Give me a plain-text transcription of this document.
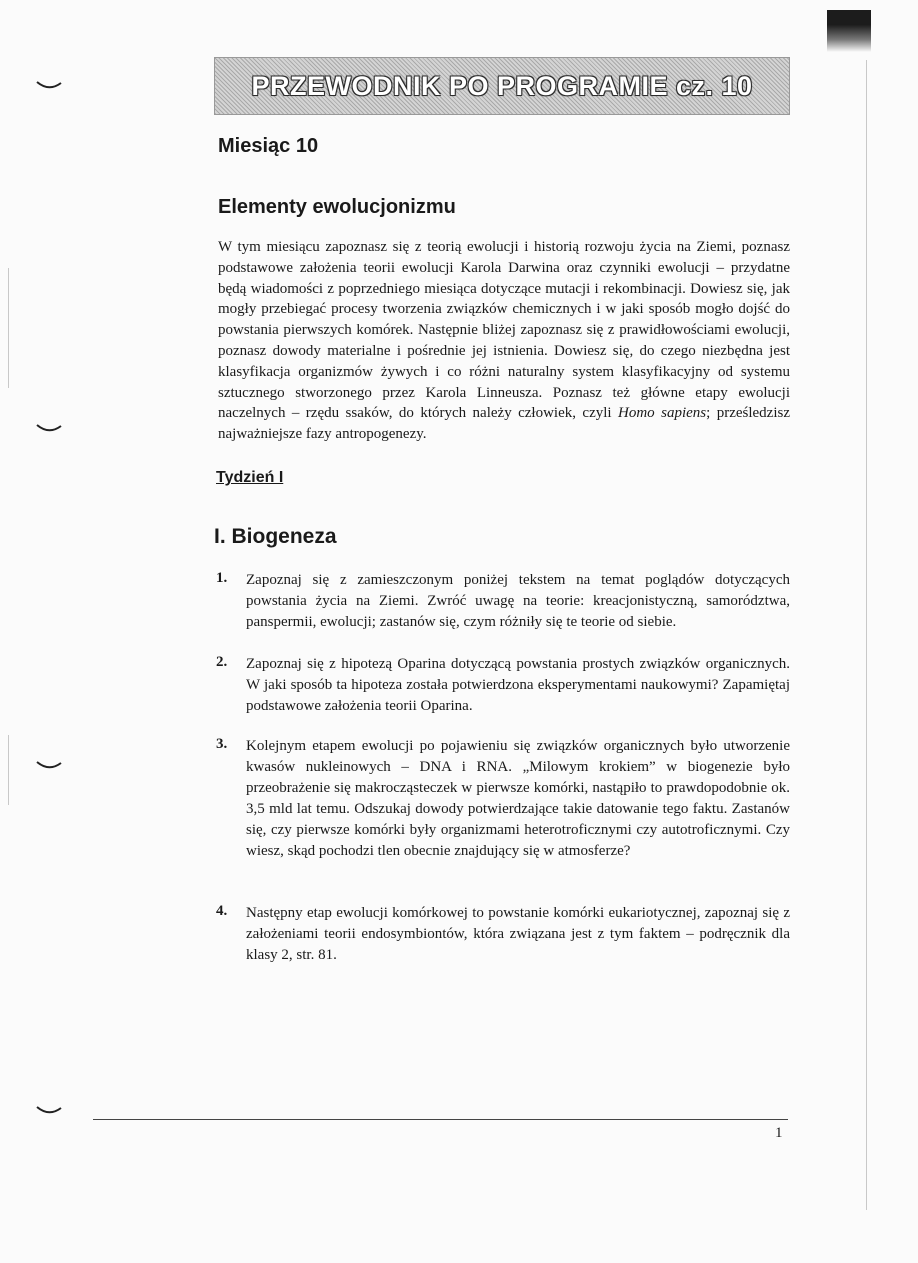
PRZEWODNIK PO PROGRAMIE cz. 10
Miesiąc 10
Elementy ewolucjonizmu

W tym miesiącu zapoznasz się z teorią ewolucji i historią rozwoju życia na Ziemi, poznasz podstawowe założenia teorii ewolucji Karola Darwina oraz czynniki ewolucji – przydatne będą wiadomości z poprzedniego miesiąca dotyczące mutacji i rekombinacji. Dowiesz się, jak mogły przebiegać procesy tworzenia związków chemicznych i w jaki sposób mogło dojść do powstania pierwszych komórek. Następnie bliżej zapoznasz się z prawidłowościami ewolucji, poznasz dowody materialne i pośrednie jej istnienia. Dowiesz się, do czego niezbędna jest klasyfikacja organizmów żywych i co różni naturalny system klasyfikacyjny od systemu sztucznego stworzonego przez Karola Linneusza. Poznasz też główne etapy ewolucji naczelnych – rzędu ssaków, do których należy człowiek, czyli Homo sapiens; prześledzisz najważniejsze fazy antropogenezy.

Tydzień I
I. Biogeneza
1. Zapoznaj się z zamieszczonym poniżej tekstem na temat poglądów dotyczących powstania życia na Ziemi. Zwróć uwagę na teorie: kreacjonistyczną, samorództwa, panspermii, ewolucji; zastanów się, czym różniły się te teorie od siebie.

2. Zapoznaj się z hipotezą Oparina dotyczącą powstania prostych związków organicznych. W jaki sposób ta hipoteza została potwierdzona eksperymentami naukowymi? Zapamiętaj podstawowe założenia teorii Oparina.

3. Kolejnym etapem ewolucji po pojawieniu się związków organicznych było utworzenie kwasów nukleinowych – DNA i RNA. „Milowym krokiem” w biogenezie było przeobrażenie się makrocząsteczek w pierwsze komórki, nastąpiło to prawdopodobnie ok. 3,5 mld lat temu. Odszukaj dowody potwierdzające takie datowanie tego faktu. Zastanów się, czy pierwsze komórki były organizmami heterotroficznymi czy autotroficznymi. Czy wiesz, skąd pochodzi tlen obecnie znajdujący się w atmosferze?

4. Następny etap ewolucji komórkowej to powstanie komórki eukariotycznej, zapoznaj się z założeniami teorii endosymbiontów, która związana jest z tym faktem – podręcznik dla klasy 2, str. 81.

1
